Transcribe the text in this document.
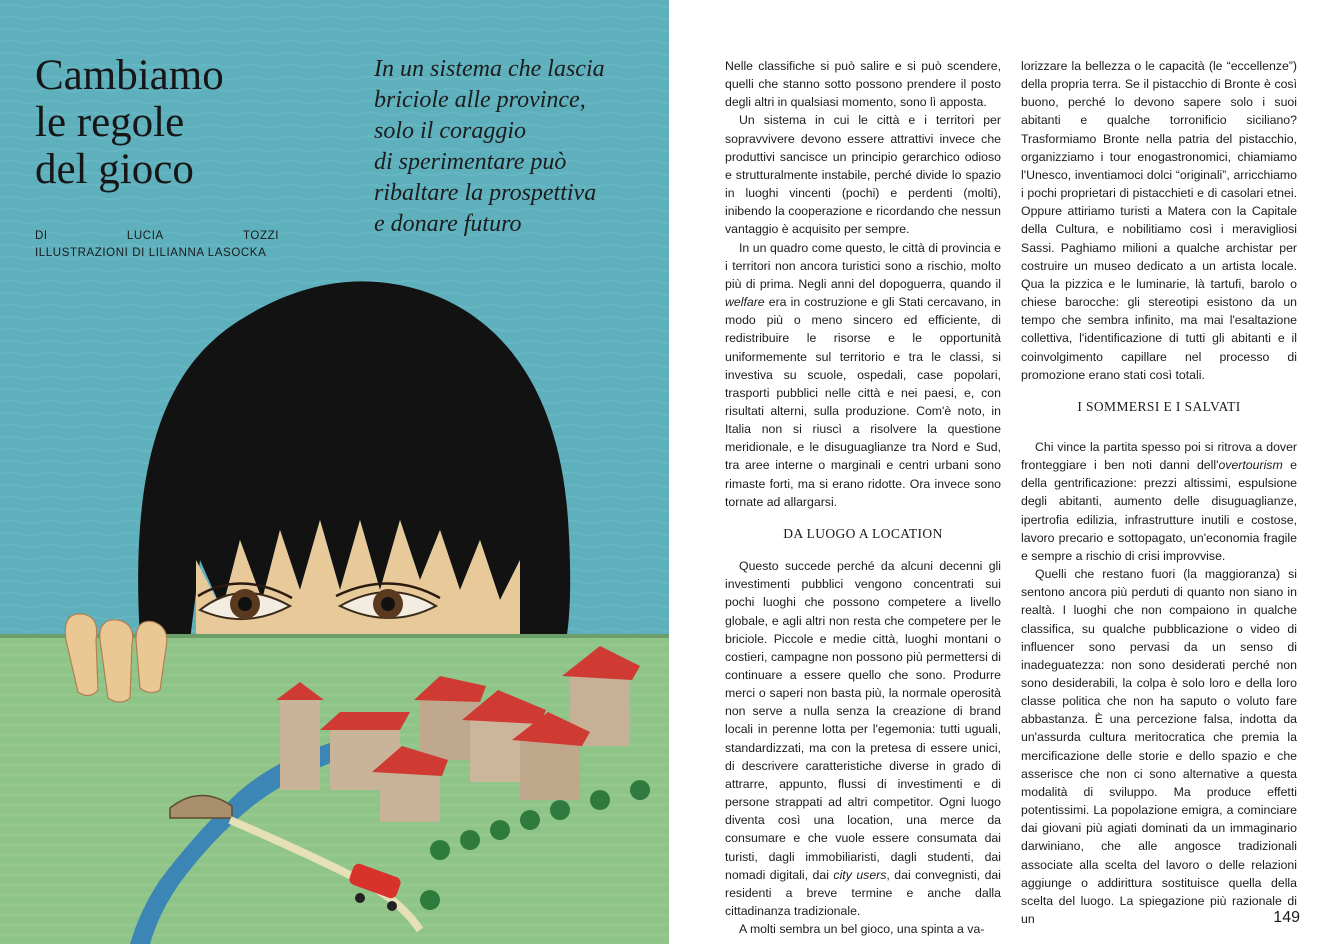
Cambiamo
le regole
del gioco
DI	LUCIA	TOZZI
ILLUSTRAZIONI DI LILIANNA LASOCKA
In un sistema che lascia
briciole alle province,
solo il coraggio
di sperimentare può
ribaltare la prospettiva
e donare futuro

Nelle classifiche si può salire e si può scendere, quelli che stanno sotto possono prendere il posto degli altri in qualsiasi momento, sono lì apposta.

Un sistema in cui le città e i territori per sopravvivere devono essere attrattivi invece che produttivi sancisce un principio gerarchico odioso e strutturalmente instabile, perché divide lo spazio in luoghi vincenti (pochi) e perdenti (molti), inibendo la cooperazione e ricordando che nessun vantaggio è acquisito per sempre.

In un quadro come questo, le città di provincia e i territori non ancora turistici sono a rischio, molto più di prima. Negli anni del dopoguerra, quando il welfare era in costruzione e gli Stati cercavano, in modo più o meno sincero ed efficiente, di redistribuire le risorse e le opportunità uniformemente sul territorio e tra le classi, si investiva su scuole, ospedali, case popolari, trasporti pubblici nelle città e nei paesi, e, con risultati alterni, sulla produzione. Com'è noto, in Italia non si riuscì a risolvere la questione meridionale, e le disuguaglianze tra Nord e Sud, tra aree interne o marginali e centri urbani sono rimaste forti, ma si erano ridotte. Ora invece sono tornate ad allargarsi.

DA LUOGO A LOCATION

Questo succede perché da alcuni decenni gli investimenti pubblici vengono concentrati sui pochi luoghi che possono competere a livello globale, e agli altri non resta che competere per le briciole. Piccole e medie città, luoghi montani o costieri, campagne non possono più permettersi di continuare a essere quello che sono. Produrre merci o saperi non basta più, la normale operosità non serve a nulla senza la creazione di brand locali in perenne lotta per l'egemonia: tutti uguali, standardizzati, ma con la pretesa di essere unici, di descrivere caratteristiche diverse in grado di attrarre, appunto, flussi di investimenti e di persone strappati ad altri competitor. Ogni luogo diventa così una location, una merce da consumare e che vuole essere consumata dai turisti, dagli immobiliaristi, dagli studenti, dai nomadi digitali, dai city users, dai convegnisti, dai residenti a breve termine e anche dalla cittadinanza tradizionale.

A molti sembra un bel gioco, una spinta a va-

lorizzare la bellezza o le capacità (le “eccellenze”) della propria terra. Se il pistacchio di Bronte è così buono, perché lo devono sapere solo i suoi abitanti e qualche torronificio siciliano? Trasformiamo Bronte nella patria del pistacchio, organizziamo i tour enogastronomici, chiamiamo l'Unesco, inventiamoci dolci “originali”, arricchiamo i pochi proprietari di pistacchieti e di casolari etnei. Oppure attiriamo turisti a Matera con la Capitale della Cultura, e nobilitiamo così i meravigliosi Sassi. Paghiamo milioni a qualche archistar per costruire un museo dedicato a un artista locale. Qua la pizzica e le luminarie, là tartufi, barolo o chiese barocche: gli stereotipi esistono da un tempo che sembra infinito, ma mai l'esaltazione collettiva, l'identificazione di tutti gli abitanti e il coinvolgimento capillare nel processo di promozione erano stati così totali.

I SOMMERSI E I SALVATI

Chi vince la partita spesso poi si ritrova a dover fronteggiare i ben noti danni dell'overtourism e della gentrificazione: prezzi altissimi, espulsione degli abitanti, aumento delle disuguaglianze, ipertrofia edilizia, infrastrutture inutili e costose, lavoro precario e sottopagato, un'economia fragile e sempre a rischio di crisi improvvise.

Quelli che restano fuori (la maggioranza) si sentono ancora più perduti di quanto non siano in realtà. I luoghi che non compaiono in qualche classifica, su qualche pubblicazione o video di influencer sono pervasi da un senso di inadeguatezza: non sono desiderati perché non sono desiderabili, la colpa è solo loro e della loro classe politica che non ha saputo o voluto fare abbastanza. È una percezione falsa, indotta da un'assurda cultura meritocratica che premia la mercificazione delle storie e dello spazio e che asserisce che non ci sono alternative a questa modalità di sviluppo. Ma produce effetti potentissimi. La popolazione emigra, a cominciare dai giovani più agiati dominati da un immaginario darwiniano, che alle angosce tradizionali associate alla scelta del lavoro o delle relazioni aggiunge o addirittura sostituisce quella della scelta del luogo. La spiegazione più razionale di un	149
